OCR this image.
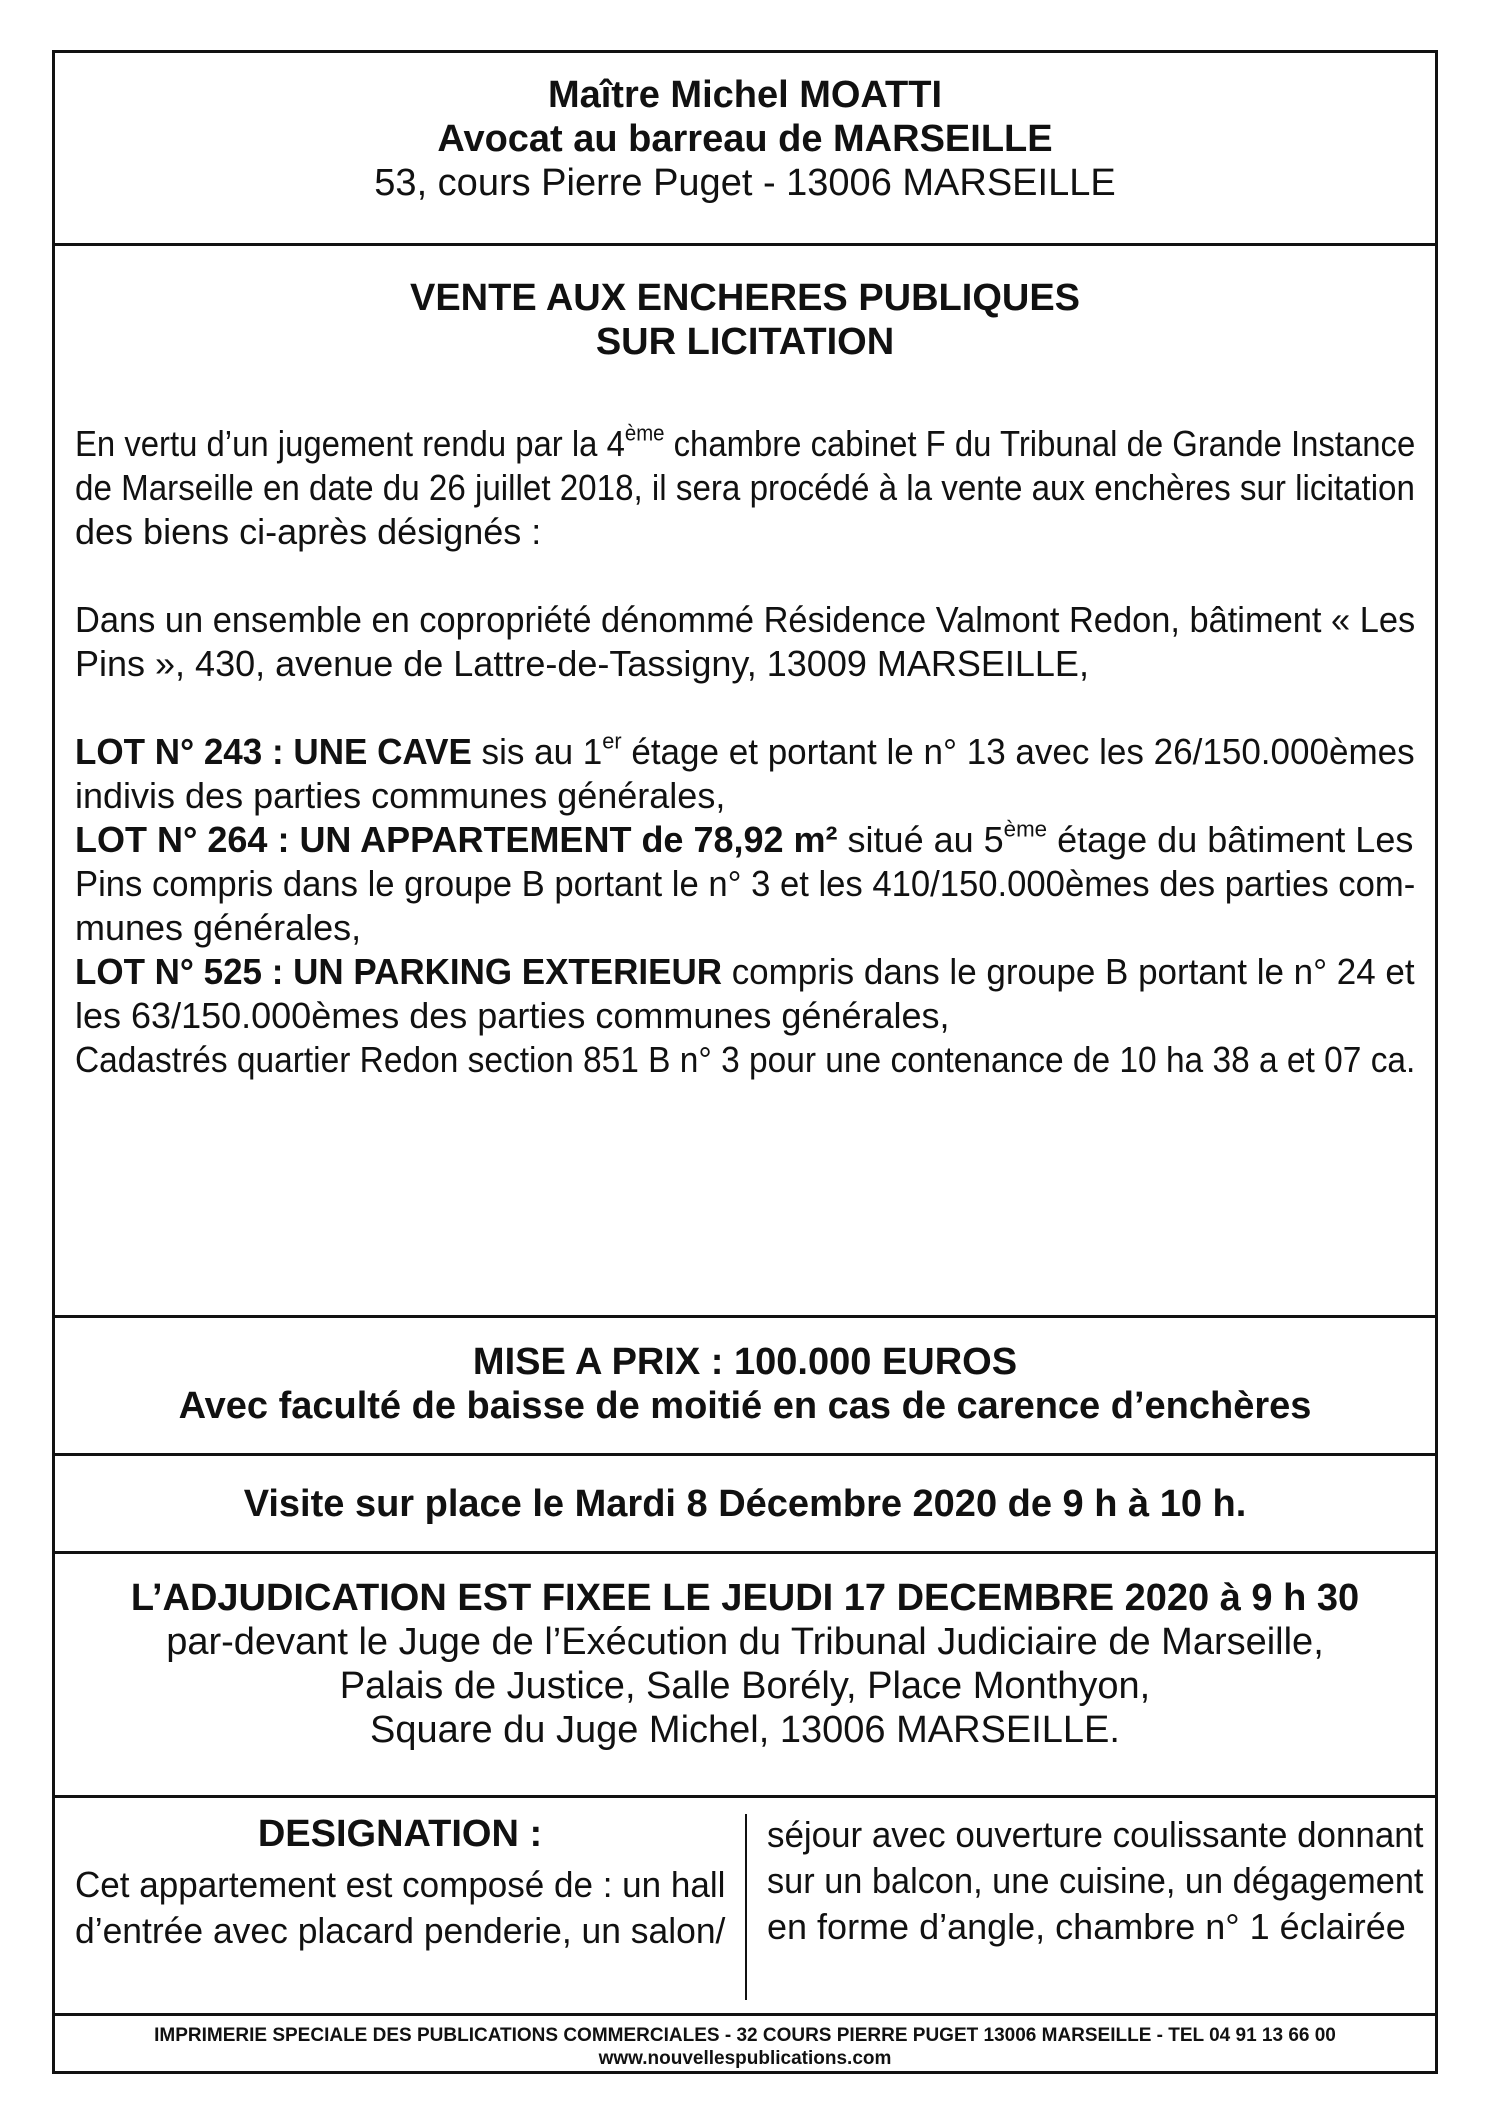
Maître Michel MOATTI
Avocat au barreau de MARSEILLE
53, cours Pierre Puget - 13006 MARSEILLE
VENTE AUX ENCHERES PUBLIQUES
SUR LICITATION

En vertu d’un jugement rendu par la 4ème chambre cabinet F du Tribunal de Grande Instance
de Marseille en date du 26 juillet 2018, il sera procédé à la vente aux enchères sur licitation
des biens ci-après désignés :

Dans un ensemble en copropriété dénommé Résidence Valmont Redon, bâtiment « Les
Pins », 430, avenue de Lattre-de-Tassigny, 13009 MARSEILLE,

LOT N° 243 : UNE CAVE sis au 1er étage et portant le n° 13 avec les 26/150.000èmes
indivis des parties communes générales,

LOT N° 264 : UN APPARTEMENT de 78,92 m² situé au 5ème étage du bâtiment Les
Pins compris dans le groupe B portant le n° 3 et les 410/150.000èmes des parties com-
munes générales,

LOT N° 525 : UN PARKING EXTERIEUR compris dans le groupe B portant le n° 24 et
les 63/150.000èmes des parties communes générales,

Cadastrés quartier Redon section 851 B n° 3 pour une contenance de 10 ha 38 a et 07 ca.

MISE A PRIX : 100.000 EUROS
Avec faculté de baisse de moitié en cas de carence d’enchères
Visite sur place le Mardi 8 Décembre 2020 de 9 h à 10 h.
L’ADJUDICATION EST FIXEE LE JEUDI 17 DECEMBRE 2020 à 9 h 30
par-devant le Juge de l’Exécution du Tribunal Judiciaire de Marseille,
Palais de Justice, Salle Borély, Place Monthyon,
Square du Juge Michel, 13006 MARSEILLE.
DESIGNATION :
Cet appartement est composé de : un hall
d’entrée avec placard penderie, un salon/
séjour avec ouverture coulissante donnant
sur un balcon, une cuisine, un dégagement
en forme d’angle, chambre n° 1 éclairée
IMPRIMERIE SPECIALE DES PUBLICATIONS COMMERCIALES - 32 COURS PIERRE PUGET 13006 MARSEILLE - TEL 04 91 13 66 00
www.nouvellespublications.com
